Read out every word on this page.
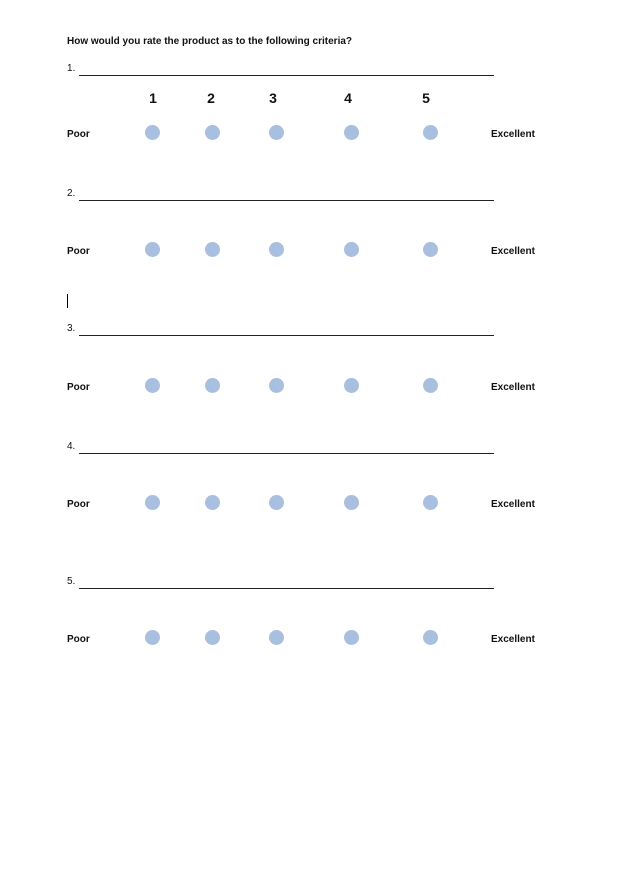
How would you rate the product as to the following criteria?
1	2	3	4	5
1.
Poor	Excellent
2.
Poor	Excellent
3.
Poor	Excellent
4.
Poor	Excellent
5.
Poor	Excellent
